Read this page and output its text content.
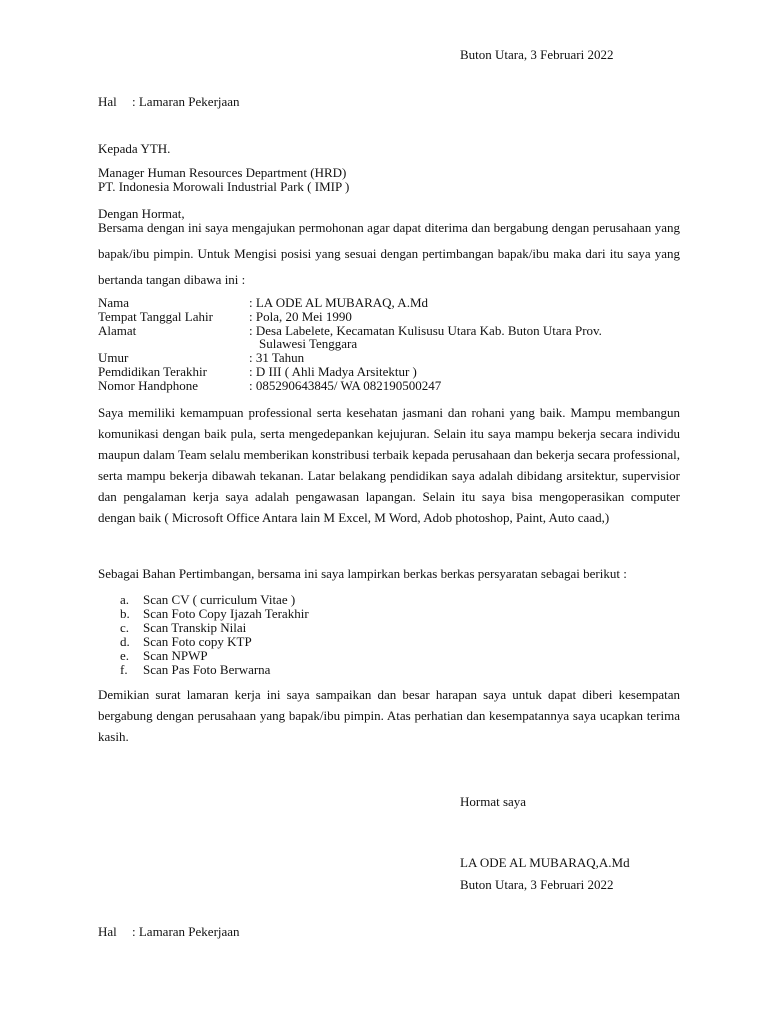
Buton Utara, 3 Februari 2022
Hal : Lamaran Pekerjaan
Kepada YTH.
Manager Human Resources Department (HRD)
PT. Indonesia Morowali Industrial Park ( IMIP )
Dengan Hormat,
Bersama dengan ini saya mengajukan permohonan agar dapat diterima dan bergabung dengan perusahaan yang bapak/ibu pimpin. Untuk Mengisi posisi yang sesuai dengan pertimbangan bapak/ibu maka dari itu saya yang bertanda tangan dibawa ini :
Nama	: LA ODE AL MUBARAQ, A.Md
Tempat Tanggal Lahir	: Pola, 20 Mei 1990
Alamat	: Desa Labelete, Kecamatan Kulisusu Utara Kab. Buton Utara Prov.
Sulawesi Tenggara
Umur	: 31 Tahun
Pemdidikan Terakhir	: D III ( Ahli Madya Arsitektur )
Nomor Handphone	: 085290643845/ WA 082190500247
Saya memiliki kemampuan professional serta kesehatan jasmani dan rohani yang baik. Mampu membangun komunikasi dengan baik pula, serta mengedepankan kejujuran. Selain itu saya mampu bekerja secara individu maupun dalam Team selalu memberikan konstribusi terbaik kepada perusahaan dan bekerja secara professional, serta mampu bekerja dibawah tekanan. Latar belakang pendidikan saya adalah dibidang arsitektur, supervisior dan pengalaman kerja saya adalah pengawasan lapangan. Selain itu saya bisa mengoperasikan computer dengan baik ( Microsoft Office Antara lain M Excel, M Word, Adob photoshop, Paint, Auto caad,)
Sebagai Bahan Pertimbangan, bersama ini saya lampirkan berkas berkas persyaratan sebagai berikut :
a. Scan CV ( curriculum Vitae )
b. Scan Foto Copy Ijazah Terakhir
c. Scan Transkip Nilai
d. Scan Foto copy KTP
e. Scan NPWP
f. Scan Pas Foto Berwarna
Demikian surat lamaran kerja ini saya sampaikan dan besar harapan saya untuk dapat diberi kesempatan bergabung dengan perusahaan yang bapak/ibu pimpin. Atas perhatian dan kesempatannya saya ucapkan terima kasih.
Hormat saya
LA ODE AL MUBARAQ,A.Md
Buton Utara, 3 Februari 2022
Hal : Lamaran Pekerjaan
